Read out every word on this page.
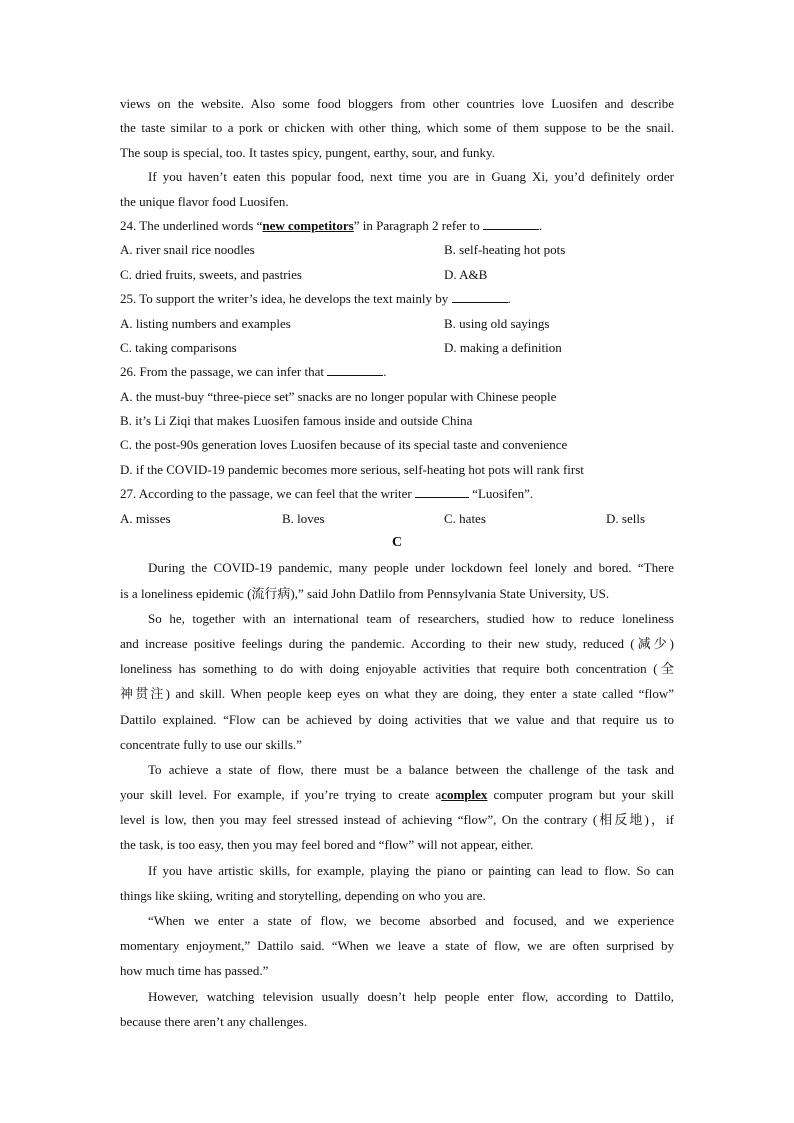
views on the website. Also some food bloggers from other countries love Luosifen and describe
the taste similar to a pork or chicken with other thing, which some of them suppose to be the snail.
The soup is special, too. It tastes spicy, pungent, earthy, sour, and funky.
If you haven’t eaten this popular food, next time you are in Guang Xi, you’d definitely order
the unique flavor food Luosifen.
24. The underlined words “new competitors” in Paragraph 2 refer to	.
A. river snail rice noodles	B. self-heating hot pots
C. dried fruits, sweets, and pastries	D. A&B
25. To support the writer’s idea, he develops the text mainly by	.
A. listing numbers and examples	B. using old sayings
C. taking comparisons	D. making a definition
26. From the passage, we can infer that	.
A. the must-buy “three-piece set” snacks are no longer popular with Chinese people
B. it’s Li Ziqi that makes Luosifen famous inside and outside China
C. the post-90s generation loves Luosifen because of its special taste and convenience
D. if the COVID-19 pandemic becomes more serious, self-heating hot pots will rank first
27. According to the passage, we can feel that the writer	“Luosifen”.
A. misses	B. loves	C. hates	D. sells
C
During the COVID-19 pandemic, many people under lockdown feel lonely and bored. “There
is a loneliness epidemic (流行病),” said John Datlilo from Pennsylvania State University, US.
So he, together with an international team of researchers, studied how to reduce loneliness
and increase positive feelings during the pandemic. According to their new study, reduced (减少)
loneliness has something to do with doing enjoyable activities that require both concentration (全
神贯注) and skill. When people keep eyes on what they are doing, they enter a state called “flow”
Dattilo explained. “Flow can be achieved by doing activities that we value and that require us to
concentrate fully to use our skills.”
To achieve a state of flow, there must be a balance between the challenge of the task and
your skill level. For example, if you’re trying to create acomplex computer program but your skill
level is low, then you may feel stressed instead of achieving “flow”, On the contrary (相反地)，if
the task, is too easy, then you may feel bored and “flow” will not appear, either.
If you have artistic skills, for example, playing the piano or painting can lead to flow. So can
things like skiing, writing and storytelling, depending on who you are.
“When we enter a state of flow, we become absorbed and focused, and we experience
momentary enjoyment,” Dattilo said. “When we leave a state of flow, we are often surprised by
how much time has passed.”
However, watching television usually doesn’t help people enter flow, according to Dattilo,
because there aren’t any challenges.
